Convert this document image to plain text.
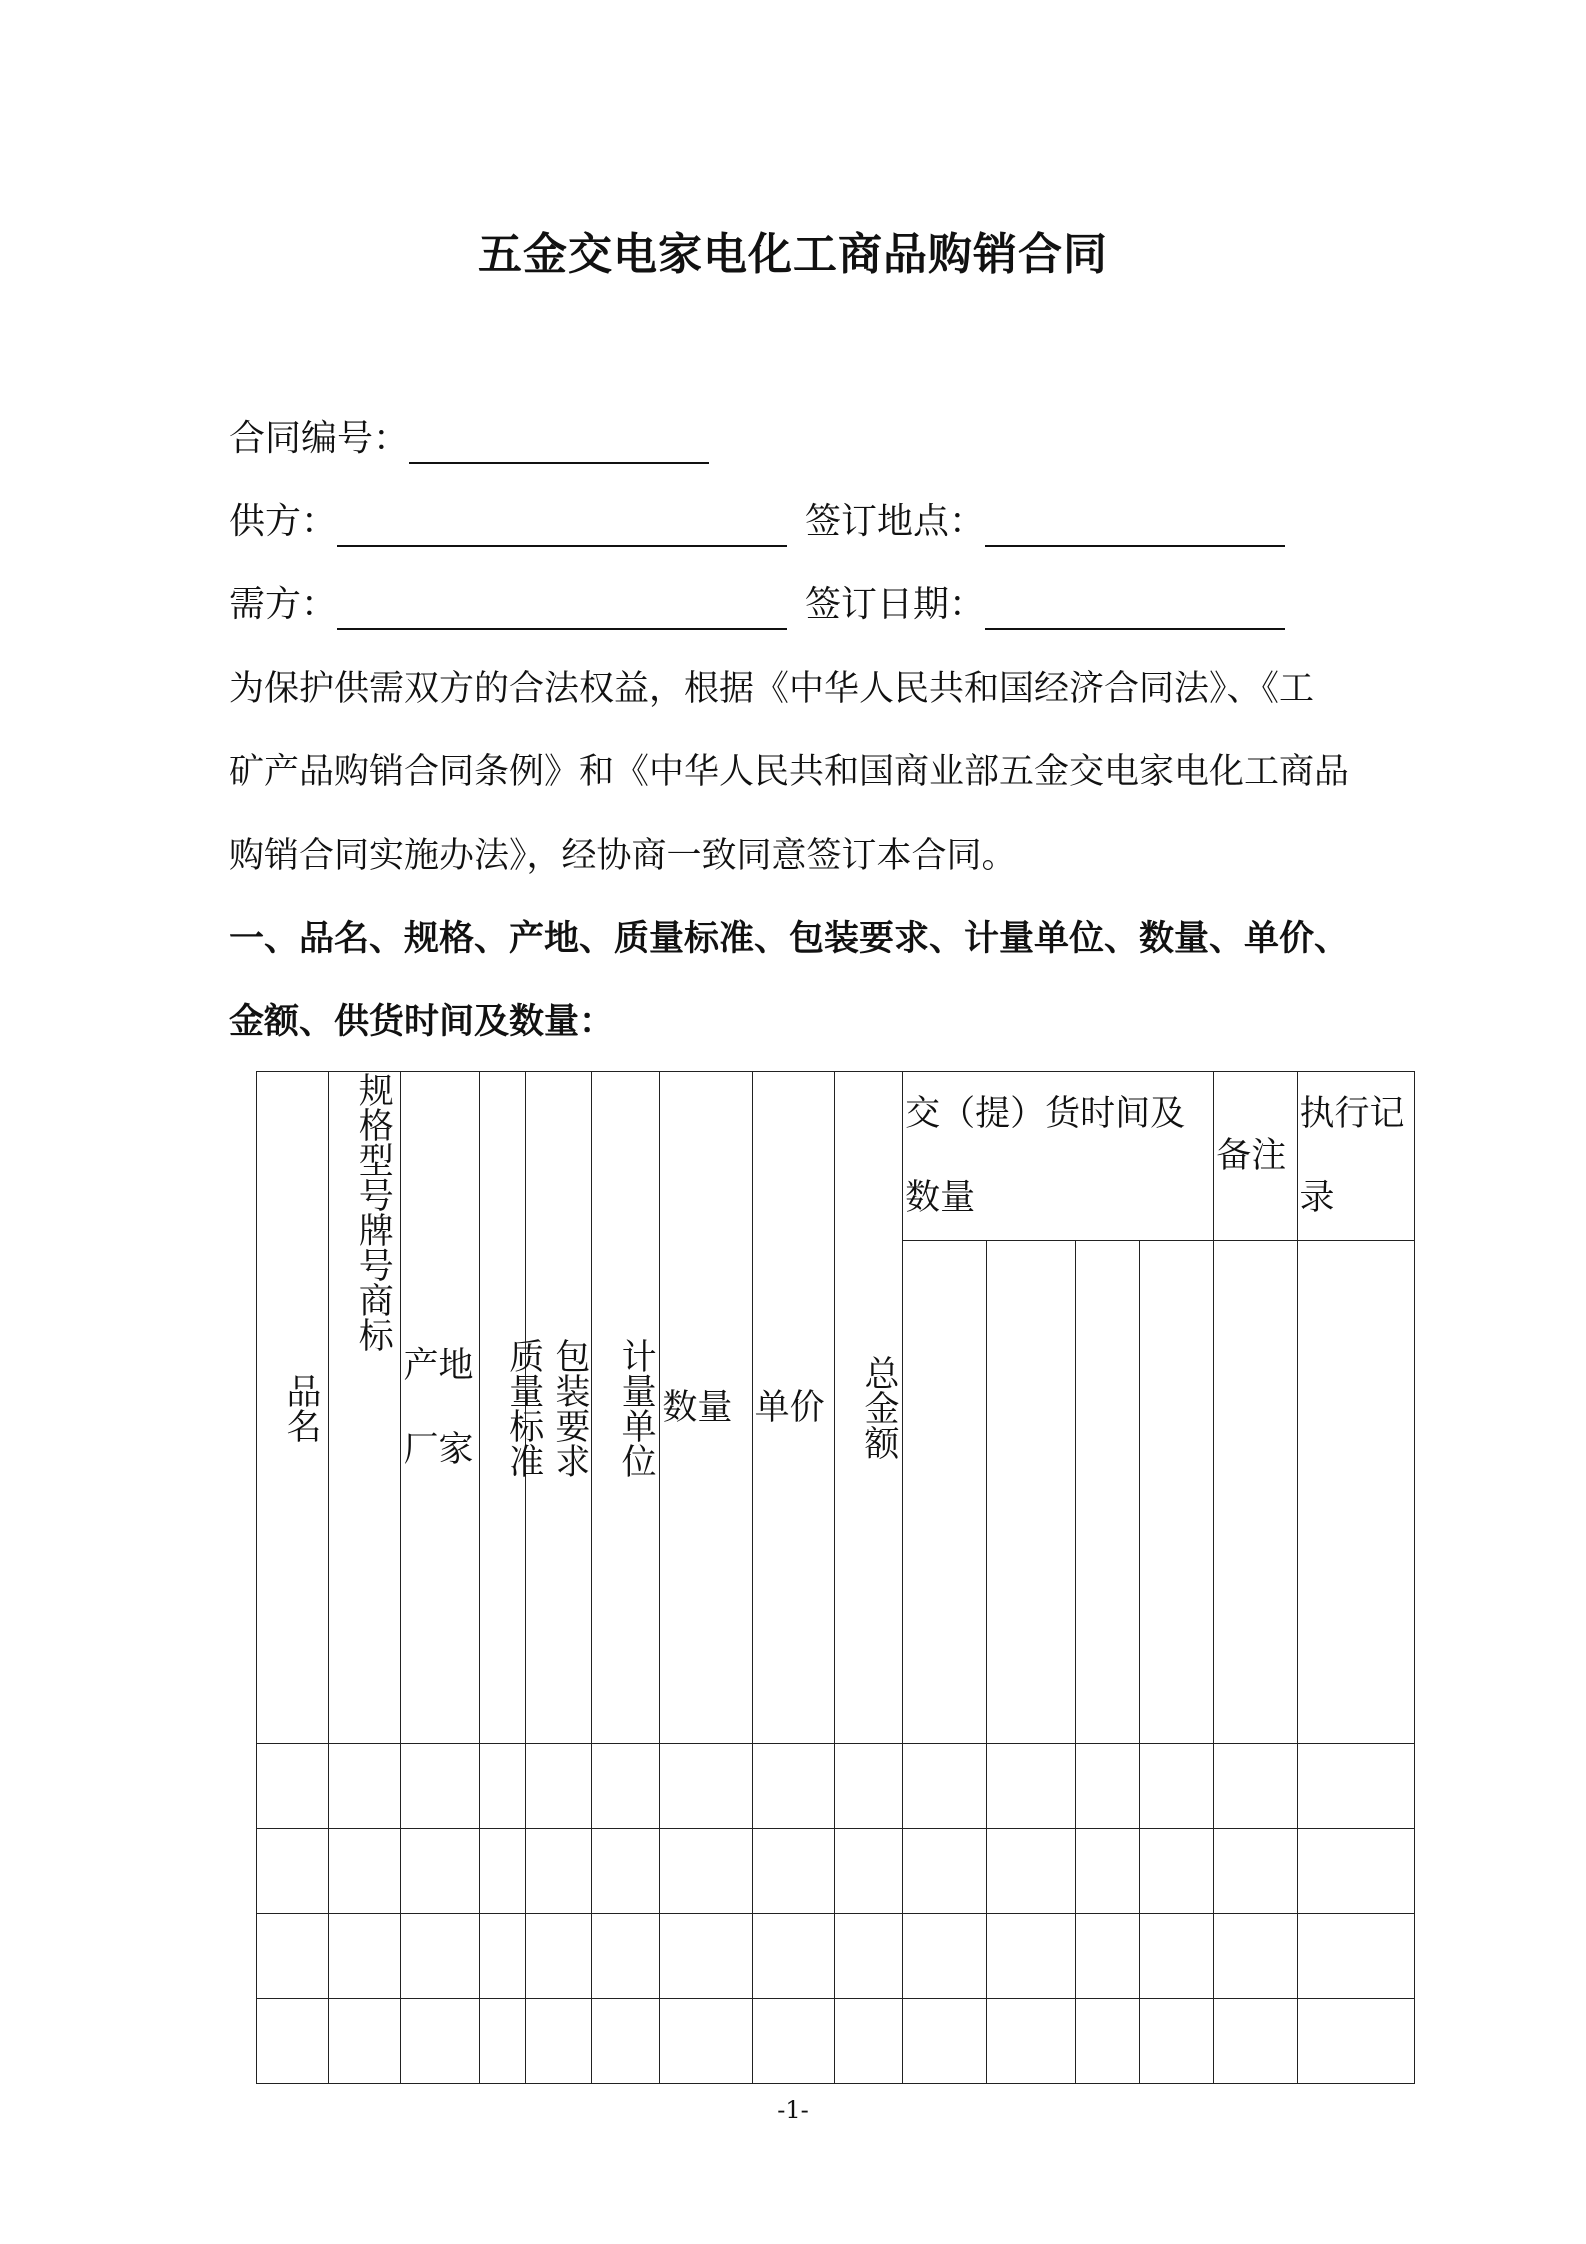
五金交电家电化工商品购销合同
合同编号：
供方：	签订地点：
需方：	签订日期：
为保护供需双方的合法权益，根据《中华人民共和国经济合同法》、《工
矿产品购销合同条例》和《中华人民共和国商业部五金交电家电化工商品
购销合同实施办法》，经协商一致同意签订本合同。
一、品名、规格、产地、质量标准、包装要求、计量单位、数量、单价、
金额、供货时间及数量：
品名	规格型号牌号商标	产地厂家	质量标准	包装要求	计量单位	数量	单价	总金额	交（提）货时间及数量				备注	执行记录

-1-
